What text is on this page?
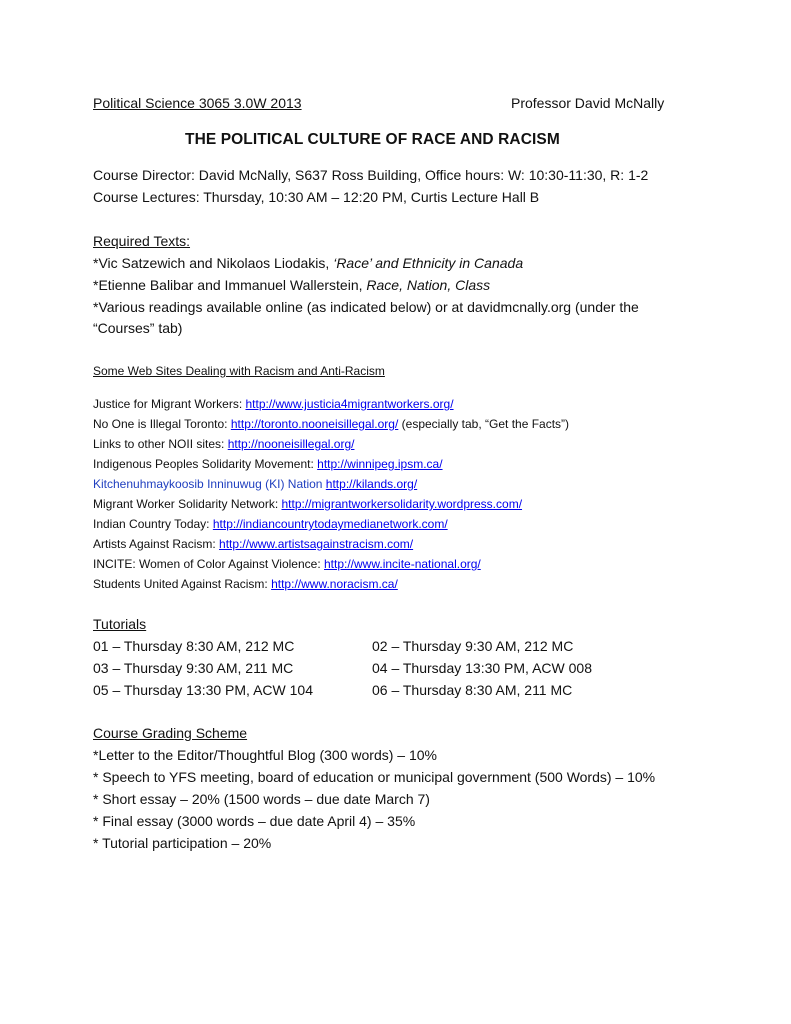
Political Science 3065 3.0W 2013	Professor David McNally
THE POLITICAL CULTURE OF RACE AND RACISM
Course Director: David McNally, S637 Ross Building, Office hours: W: 10:30-11:30, R: 1-2
Course Lectures: Thursday, 10:30 AM – 12:20 PM, Curtis Lecture Hall B
Required Texts:
*Vic Satzewich and Nikolaos Liodakis, ‘Race’ and Ethnicity in Canada
*Etienne Balibar and Immanuel Wallerstein, Race, Nation, Class
*Various readings available online (as indicated below) or at davidmcnally.org (under the
“Courses” tab)
Some Web Sites Dealing with Racism and Anti-Racism
Justice for Migrant Workers: http://www.justicia4migrantworkers.org/
No One is Illegal Toronto: http://toronto.nooneisillegal.org/ (especially tab, “Get the Facts”)
Links to other NOII sites: http://nooneisillegal.org/
Indigenous Peoples Solidarity Movement: http://winnipeg.ipsm.ca/
Kitchenuhmaykoosib Inninuwug (KI) Nation http://kilands.org/
Migrant Worker Solidarity Network: http://migrantworkersolidarity.wordpress.com/
Indian Country Today: http://indiancountrytodaymedianetwork.com/
Artists Against Racism: http://www.artistsagainstracism.com/
INCITE: Women of Color Against Violence: http://www.incite-national.org/
Students United Against Racism: http://www.noracism.ca/
Tutorials
01 – Thursday 8:30 AM, 212 MC	02 – Thursday 9:30 AM, 212 MC
03 – Thursday 9:30 AM, 211 MC	04 – Thursday 13:30 PM, ACW 008
05 – Thursday 13:30 PM, ACW 104	06 – Thursday 8:30 AM, 211 MC
Course Grading Scheme
*Letter to the Editor/Thoughtful Blog (300 words) – 10%
* Speech to YFS meeting, board of education or municipal government (500 Words) – 10%
* Short essay – 20% (1500 words – due date March 7)
* Final essay (3000 words – due date April 4) – 35%
* Tutorial participation – 20%
